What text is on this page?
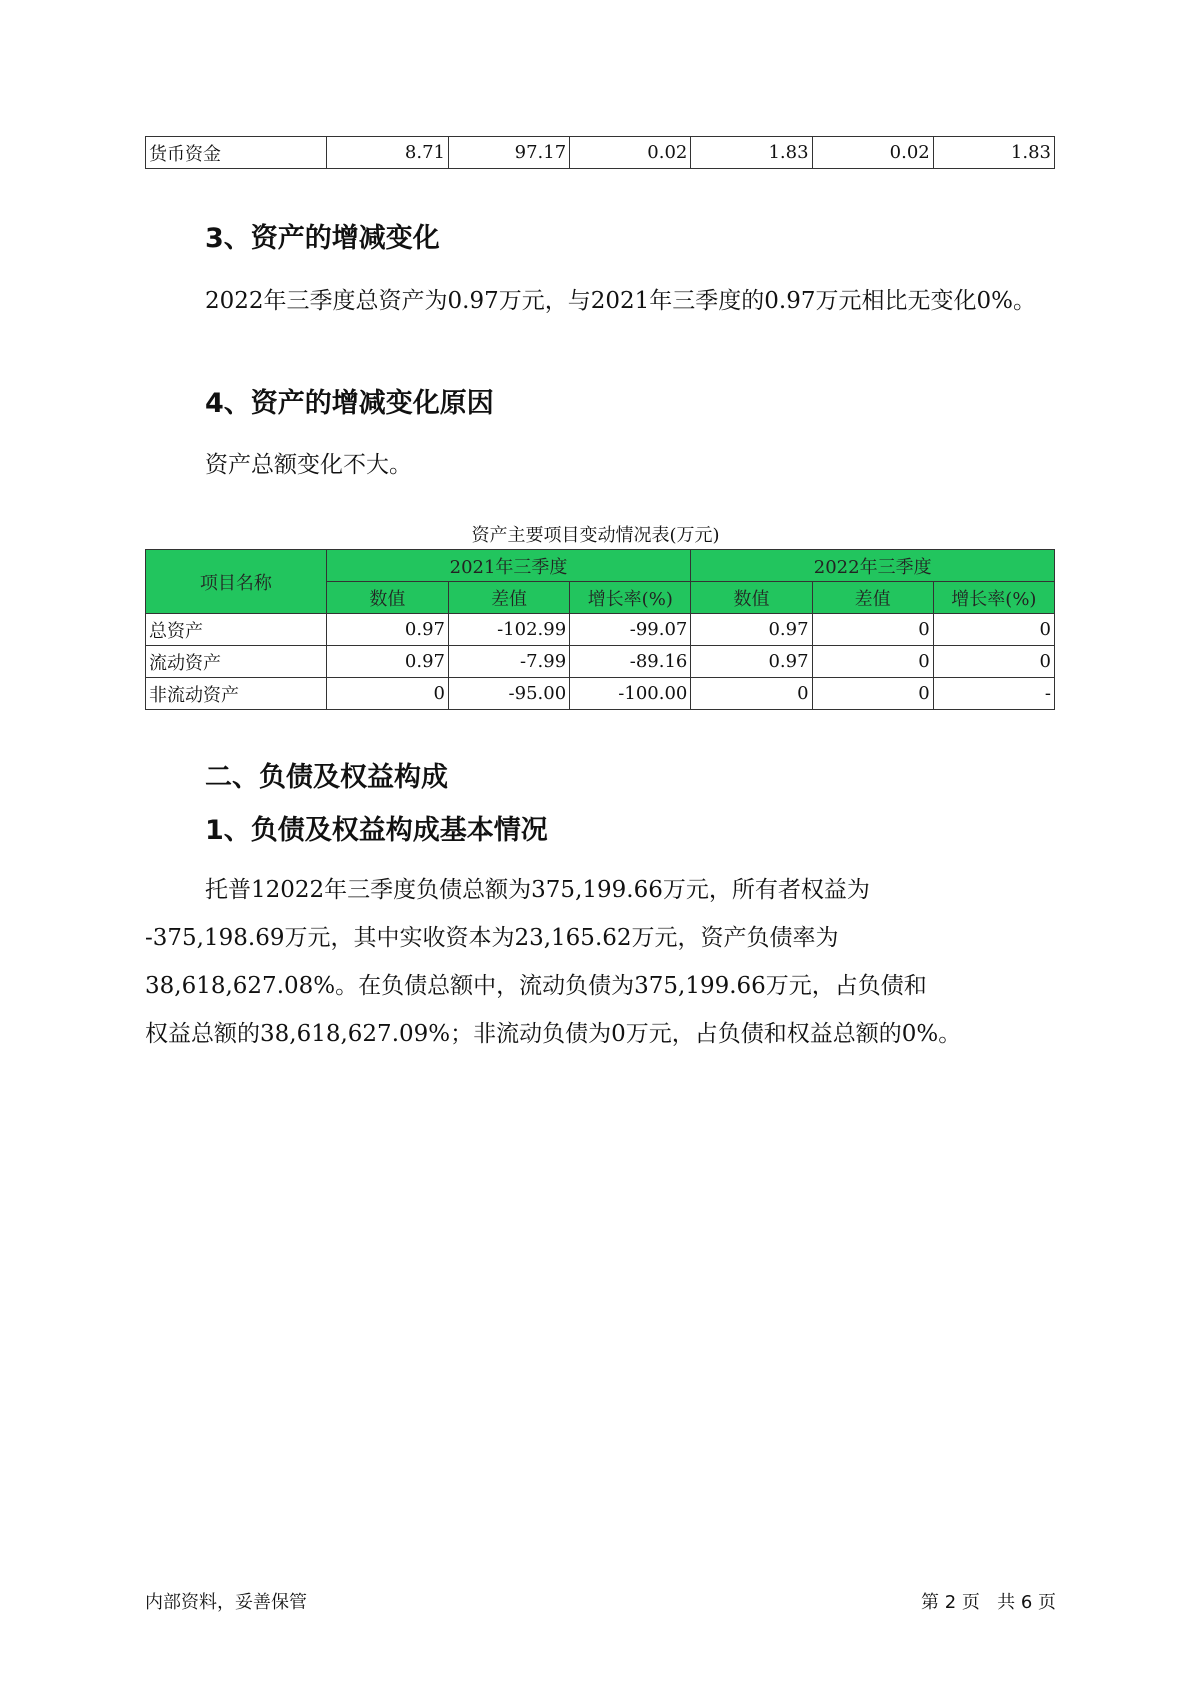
货币资金	8.71	97.17	0.02	1.83	0.02	1.83
3、资产的增减变化
2022年三季度总资产为0.97万元，与2021年三季度的0.97万元相比无变化0%。
4、资产的增减变化原因
资产总额变化不大。
资产主要项目变动情况表(万元)
项目名称	2021年三季度			2022年三季度		
	数值	差值	增长率(%)	数值	差值	增长率(%)
总资产	0.97	-102.99	-99.07	0.97	0	0
流动资产	0.97	-7.99	-89.16	0.97	0	0
非流动资产	0	-95.00	-100.00	0	0	-
二、负债及权益构成
1、负债及权益构成基本情况
托普12022年三季度负债总额为375,199.66万元，所有者权益为
-375,198.69万元，其中实收资本为23,165.62万元，资产负债率为
38,618,627.08%。在负债总额中，流动负债为375,199.66万元，占负债和
权益总额的38,618,627.09%；非流动负债为0万元，占负债和权益总额的0%。
内部资料，妥善保管	第 2 页   共 6 页
